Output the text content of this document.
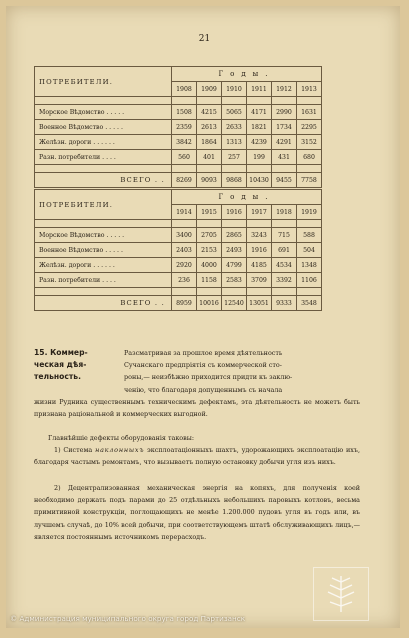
21
ПОТРЕБИТЕЛИ.	Годы.					
	1908	1909	1910	1911	1912	1913

Морское Вѣдомство . . . . .	1508	4215	5065	4171	2990	1631
Военное Вѣдомство . . . . .	2359	2613	2633	1821	1734	2295
Желѣзн. дороги . . . . . .	3842	1864	1313	4239	4291	3152
Разн. потребители . . . .	560	401	257	199	431	680

ВСЕГО . .	8269	9093	9868	10430	9455	7758
ПОТРЕБИТЕЛИ.	Годы.					
	1914	1915	1916	1917	1918	1919

Морское Вѣдомство . . . . .	3400	2705	2865	3243	715	588
Военное Вѣдомство . . . . .	2403	2153	2493	1916	691	504
Желѣзн. дороги . . . . . .	2920	4000	4799	4185	4534	1348
Разн. потребители . . . .	236	1158	2583	3709	3392	1106

ВСЕГО . .	8959	10016	12540	13051	9333	3548
15. Коммер-
ческая дѣя-
тельность.
Разсматривая за прошлое время дѣятельность
Сучанскаго предпріятія съ коммерческой сто-
роны,— неизбѣжно приходится придти къ заклю-
ченію, что благодаря допущеннымъ съ начала
жизни Рудника существеннымъ техническимъ дефектамъ, эта дѣятельность не можетъ быть признана раціональной и коммерческих выгодной.
Главнѣйшіе дефекты оборудованія таковы:
1) Система наклонныхъ эксплоатаціонныхъ шахтъ, удорожающихъ эксплоатацію ихъ, благодаря частымъ ремонтамъ, что вызываетъ полную остановку добычи угля изъ нихъ.
2) Децентрализованная механическая энергія на копяхъ, для полученія коей необходимо держать подъ парами до 25 отдѣльныхъ небольшихъ паровыхъ котловъ, весьма примитивной конструкціи, поглощающихъ не менѣе 1.200.000 пудовъ угля въ годъ или, въ лучшемъ случаѣ, до 10% всей добычи, при соответствующемъ штатѣ обслуживающихъ лицъ,—является постояннымъ источникомъ перерасходъ.
© Администрация муниципального округа город Партизанск
